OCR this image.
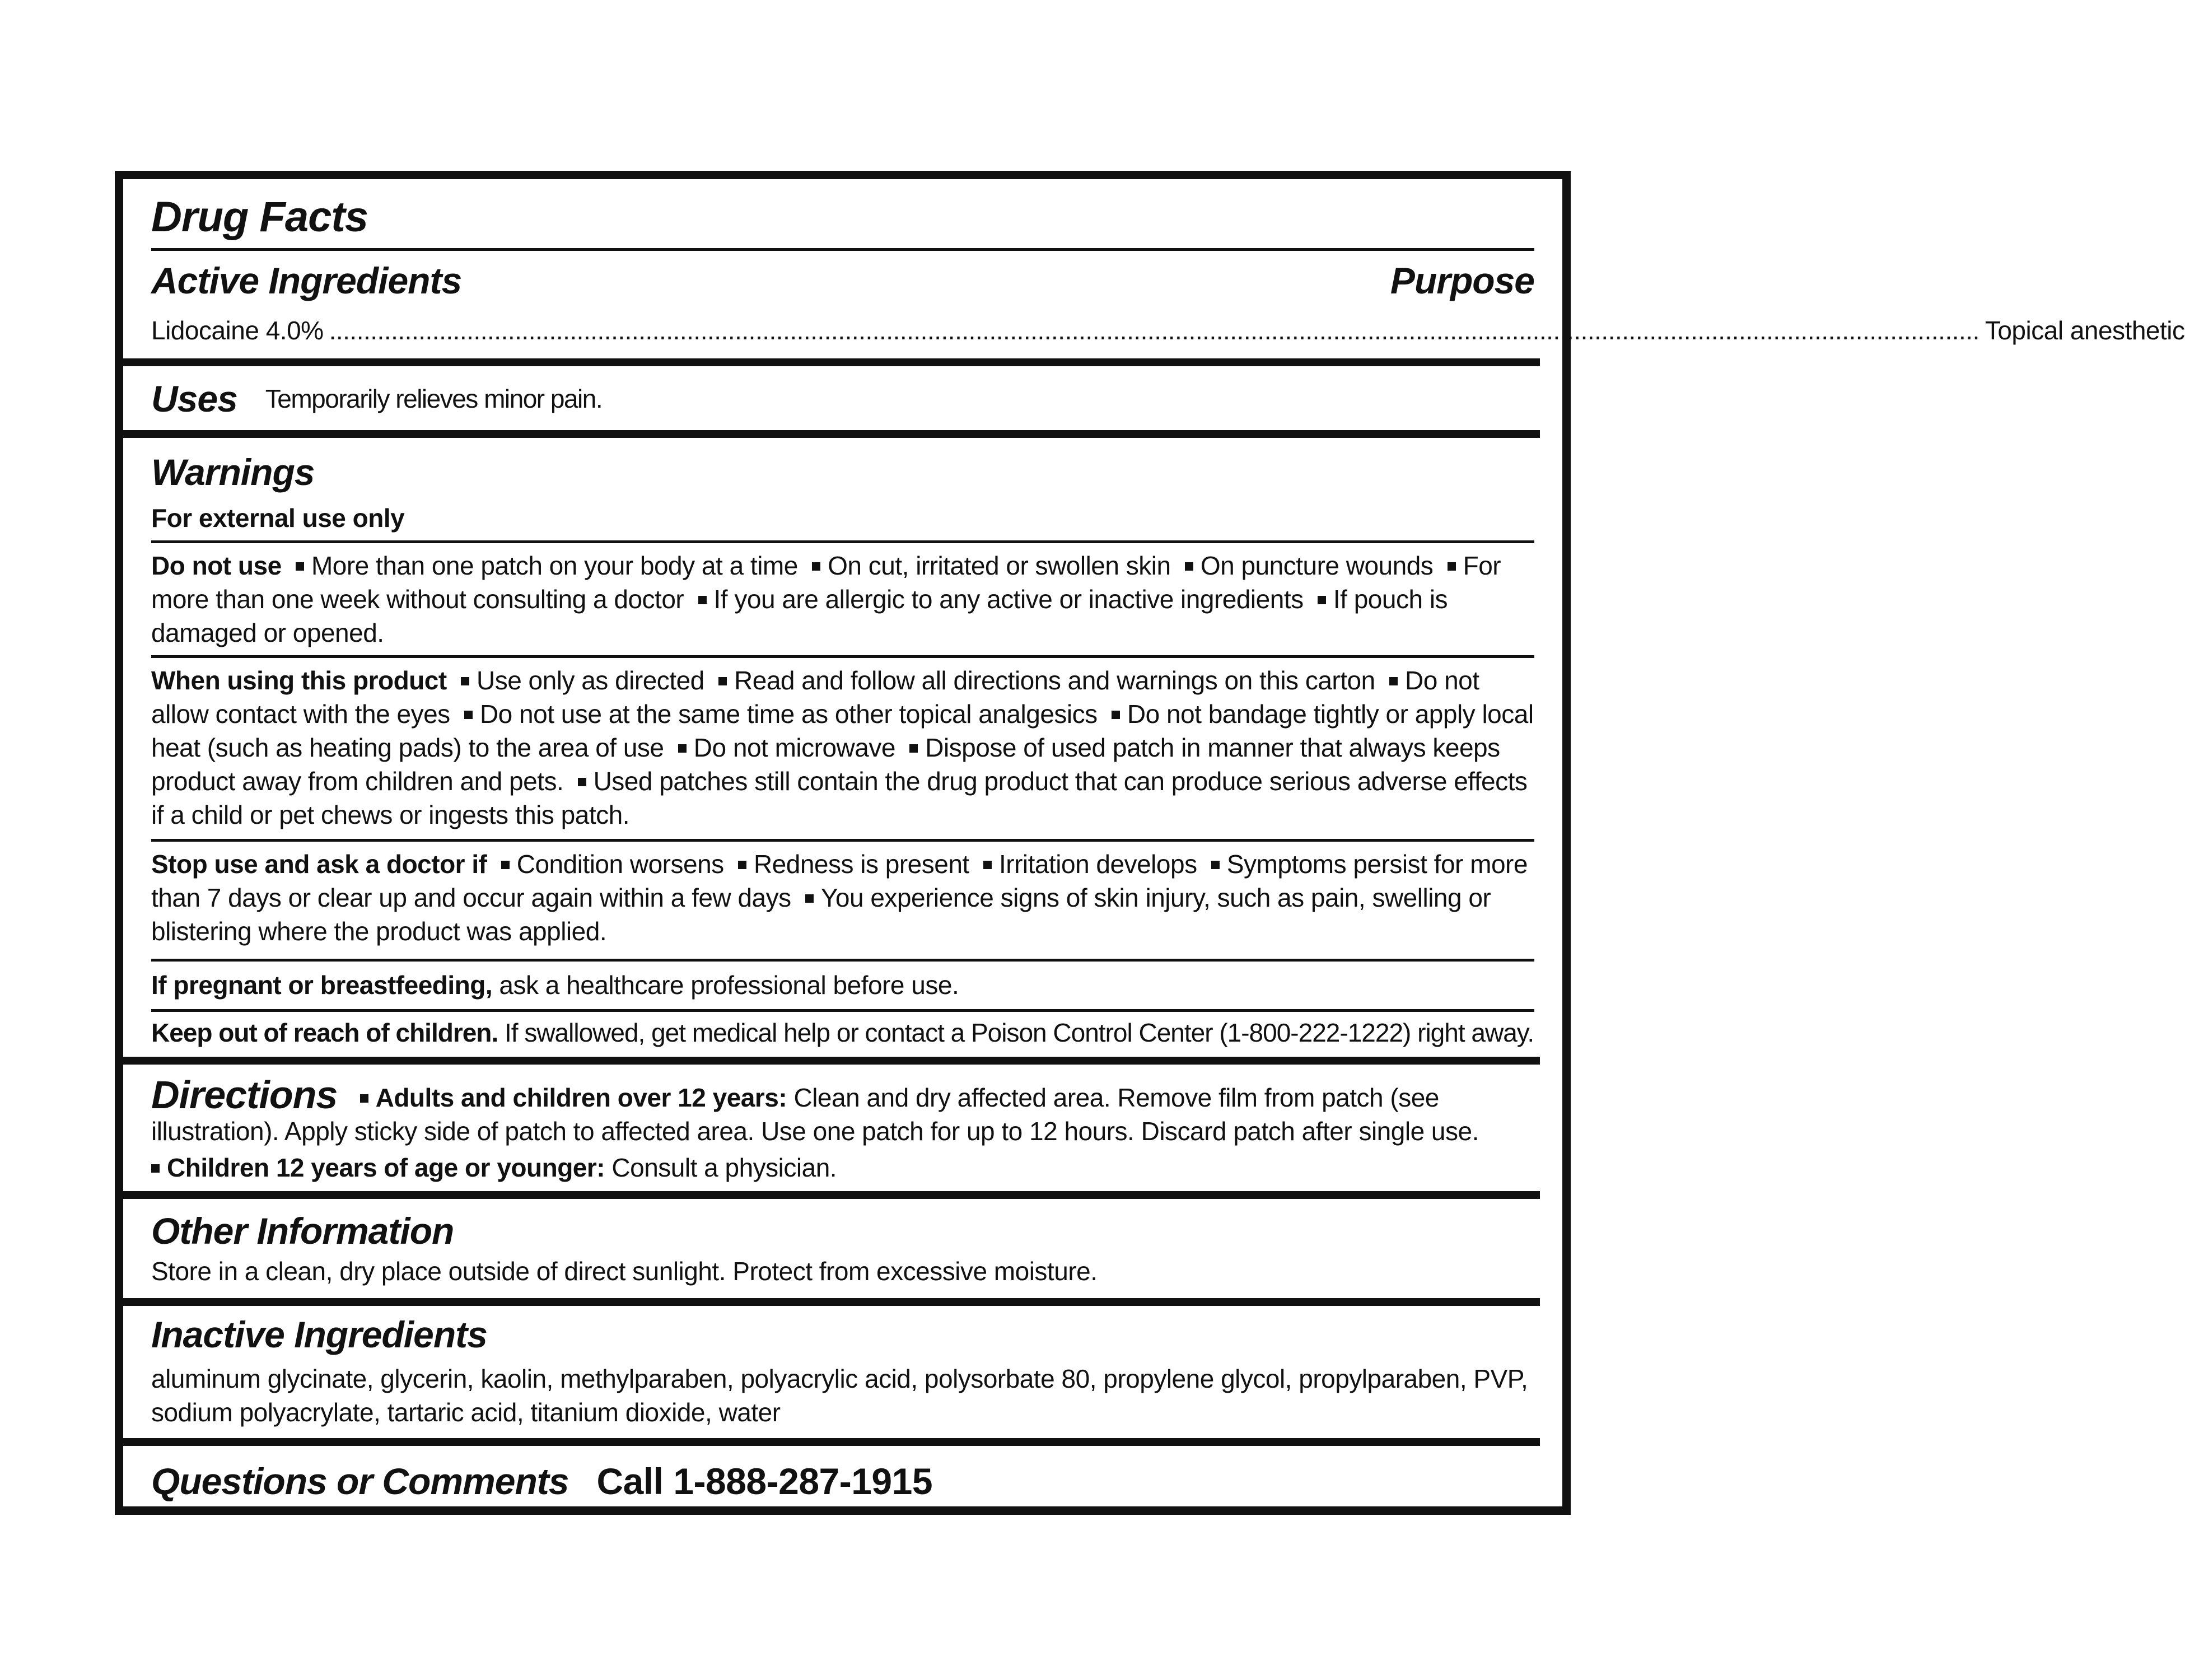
Drug Facts
Active Ingredients	Purpose
Lidocaine 4.0% ................................................................................................................................................................................................................................................ Topical anesthetic
Uses Temporarily relieves minor pain.
Warnings
For external use only
Do not use More than one patch on your body at a time On cut, irritated or swollen skin On puncture wounds For more than one week without consulting a doctor If you are allergic to any active or inactive ingredients If pouch is damaged or opened.
When using this product Use only as directed Read and follow all directions and warnings on this carton Do not allow contact with the eyes Do not use at the same time as other topical analgesics Do not bandage tightly or apply local heat (such as heating pads) to the area of use Do not microwave Dispose of used patch in manner that always keeps product away from children and pets. Used patches still contain the drug product that can produce serious adverse effects if a child or pet chews or ingests this patch.
Stop use and ask a doctor if Condition worsens Redness is present Irritation develops Symptoms persist for more than 7 days or clear up and occur again within a few days You experience signs of skin injury, such as pain, swelling or blistering where the product was applied.
If pregnant or breastfeeding, ask a healthcare professional before use.
Keep out of reach of children. If swallowed, get medical help or contact a Poison Control Center (1-800-222-1222) right away.
Directions Adults and children over 12 years: Clean and dry affected area. Remove film from patch (see illustration). Apply sticky side of patch to affected area. Use one patch for up to 12 hours. Discard patch after single use.
Children 12 years of age or younger: Consult a physician.
Other Information
Store in a clean, dry place outside of direct sunlight. Protect from excessive moisture.
Inactive Ingredients
aluminum glycinate, glycerin, kaolin, methylparaben, polyacrylic acid, polysorbate 80, propylene glycol, propylparaben, PVP, sodium polyacrylate, tartaric acid, titanium dioxide, water
Questions or Comments Call 1-888-287-1915
